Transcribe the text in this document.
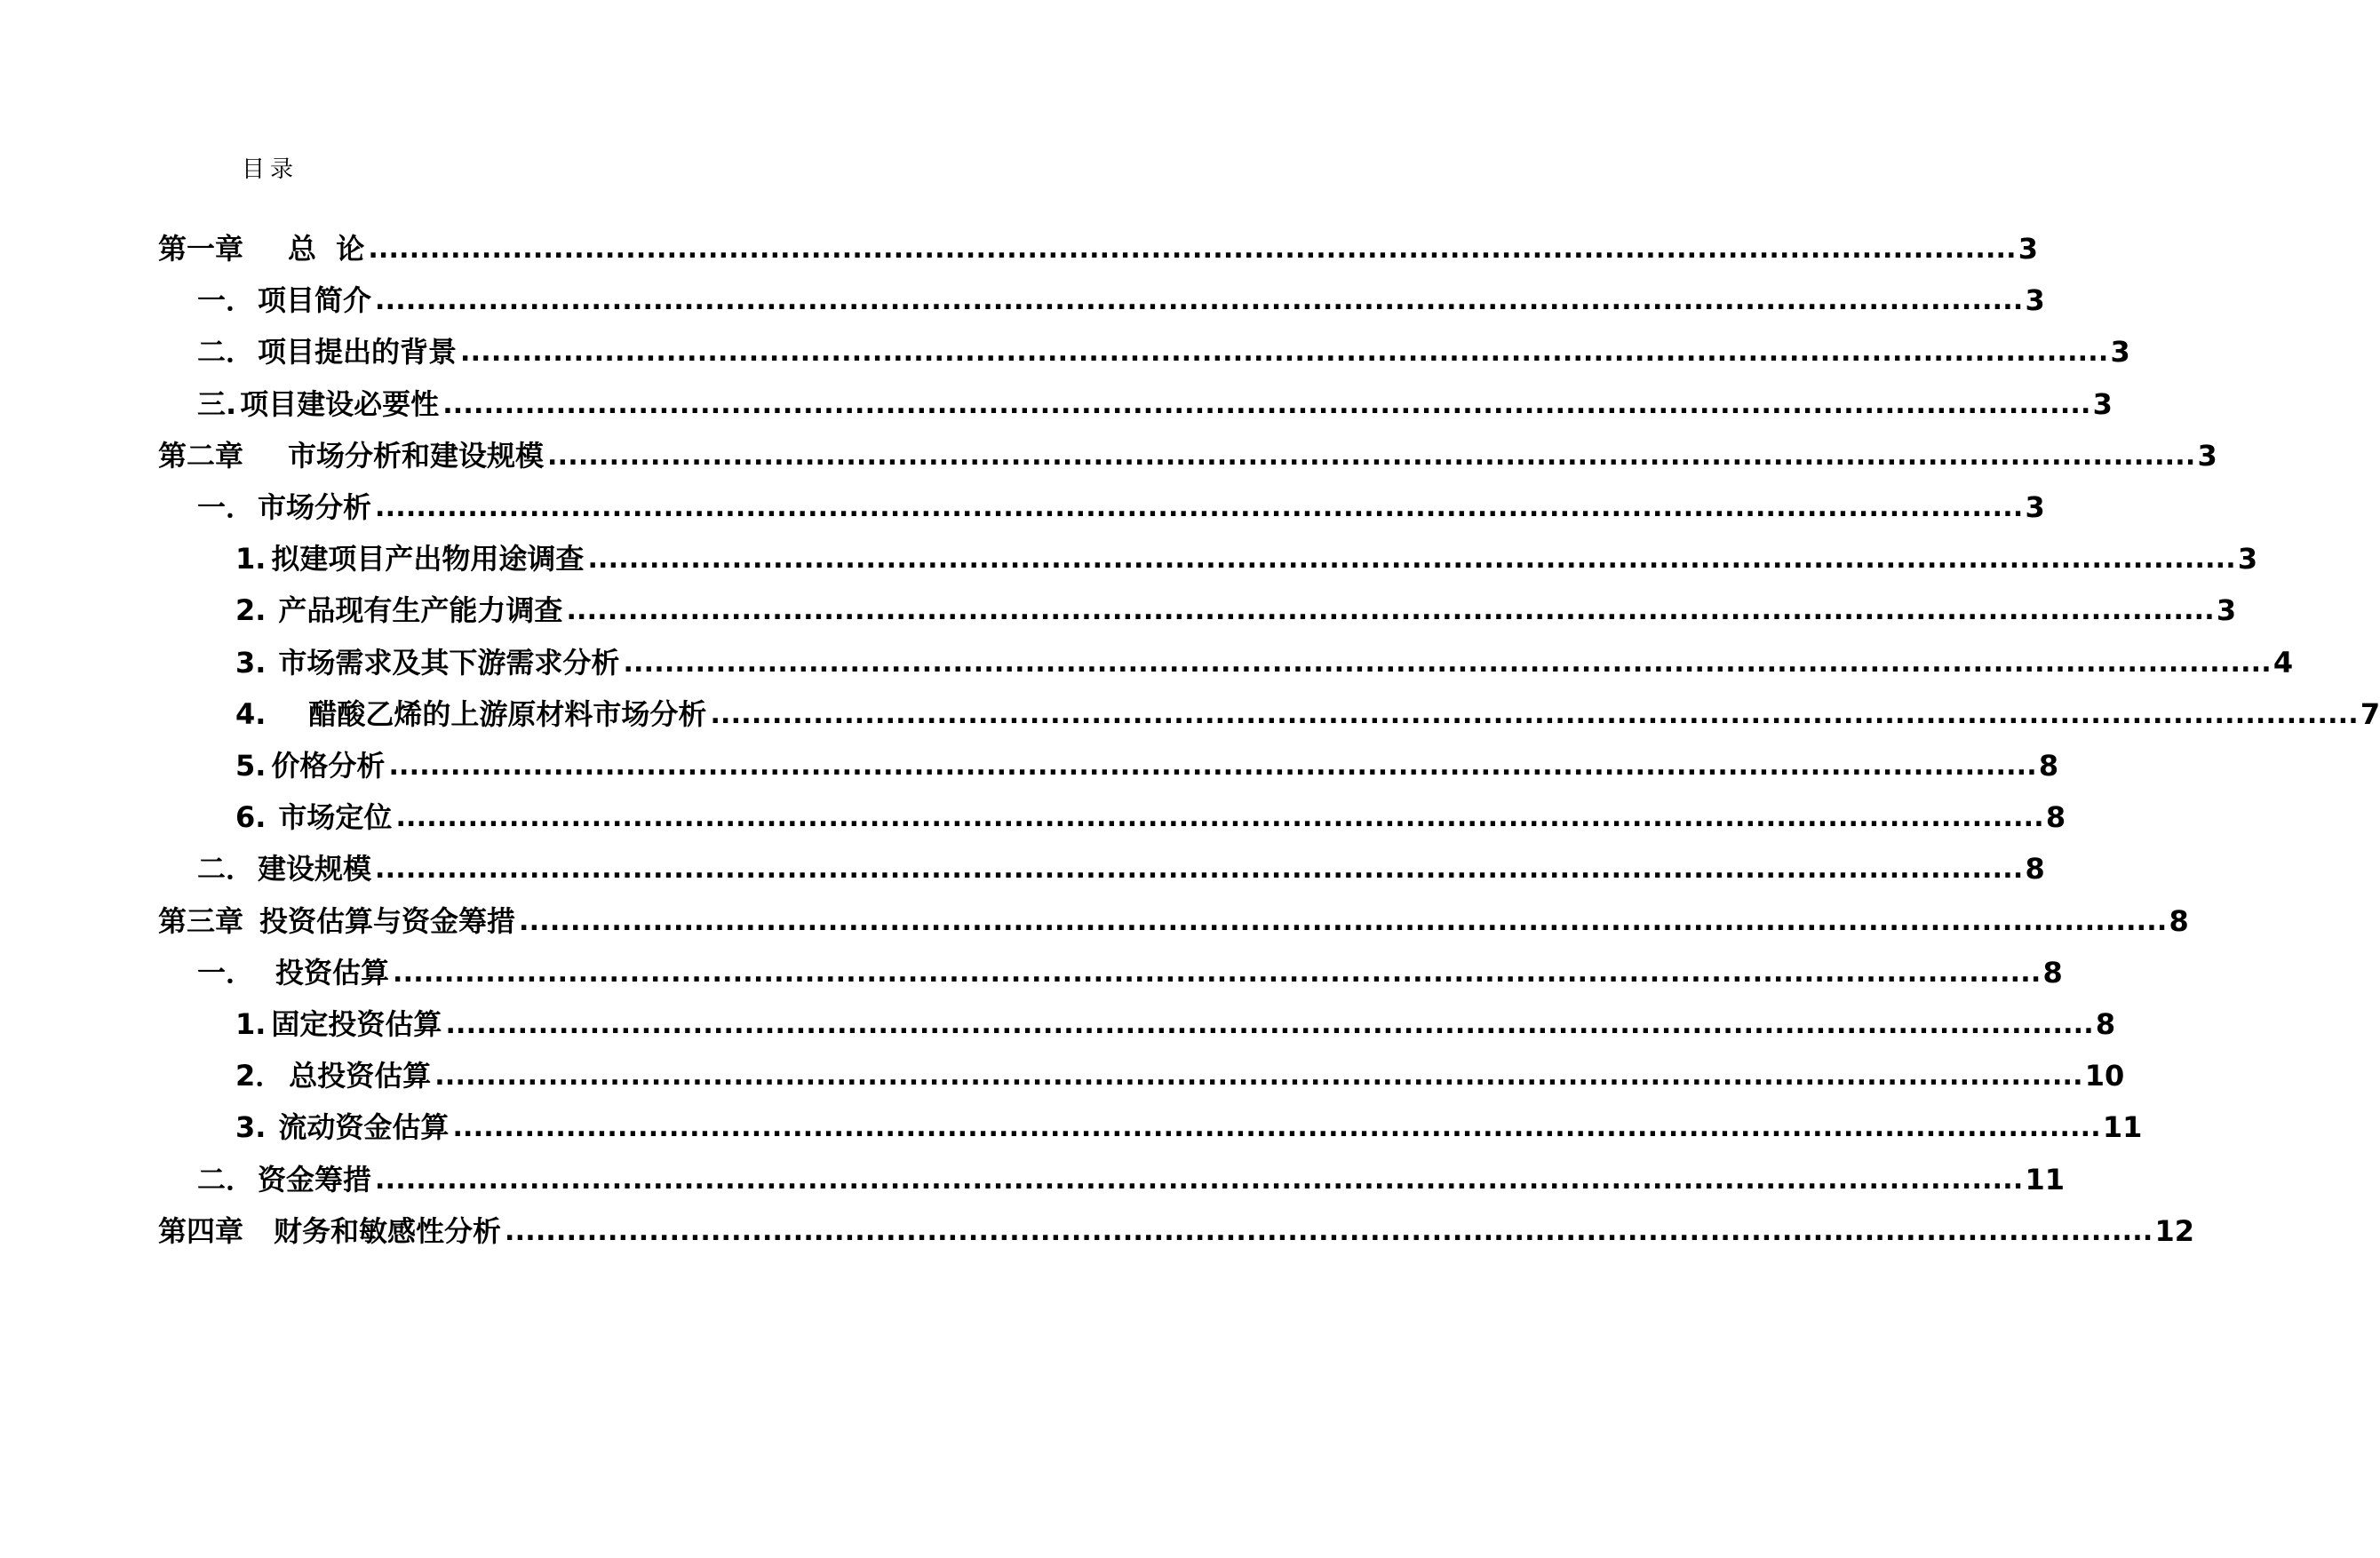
目录
第一章 总  论 ................................................................................................................................................................ 3
一． 项目简介 ................................................................................................................................................................ 3
二． 项目提出的背景 ................................................................................................................................................................ 3
三. 项目建设必要性 ................................................................................................................................................................ 3
第二章 市场分析和建设规模 ................................................................................................................................................................ 3
一． 市场分析 ................................................................................................................................................................ 3
1. 拟建项目产出物用途调查 ................................................................................................................................................................ 3
2. 产品现有生产能力调查 ................................................................................................................................................................ 3
3. 市场需求及其下游需求分析 ................................................................................................................................................................ 4
4. 醋酸乙烯的上游原材料市场分析 ................................................................................................................................................................ 7
5. 价格分析 ................................................................................................................................................................ 8
6. 市场定位 ................................................................................................................................................................ 8
二． 建设规模 ................................................................................................................................................................ 8
第三章 投资估算与资金筹措 ................................................................................................................................................................ 8
一． 投资估算 ................................................................................................................................................................ 8
1. 固定投资估算 ................................................................................................................................................................ 8
2． 总投资估算 ................................................................................................................................................................ 10
3. 流动资金估算 ................................................................................................................................................................ 11
二． 资金筹措 ................................................................................................................................................................ 11
第四章 财务和敏感性分析 ................................................................................................................................................................ 12
